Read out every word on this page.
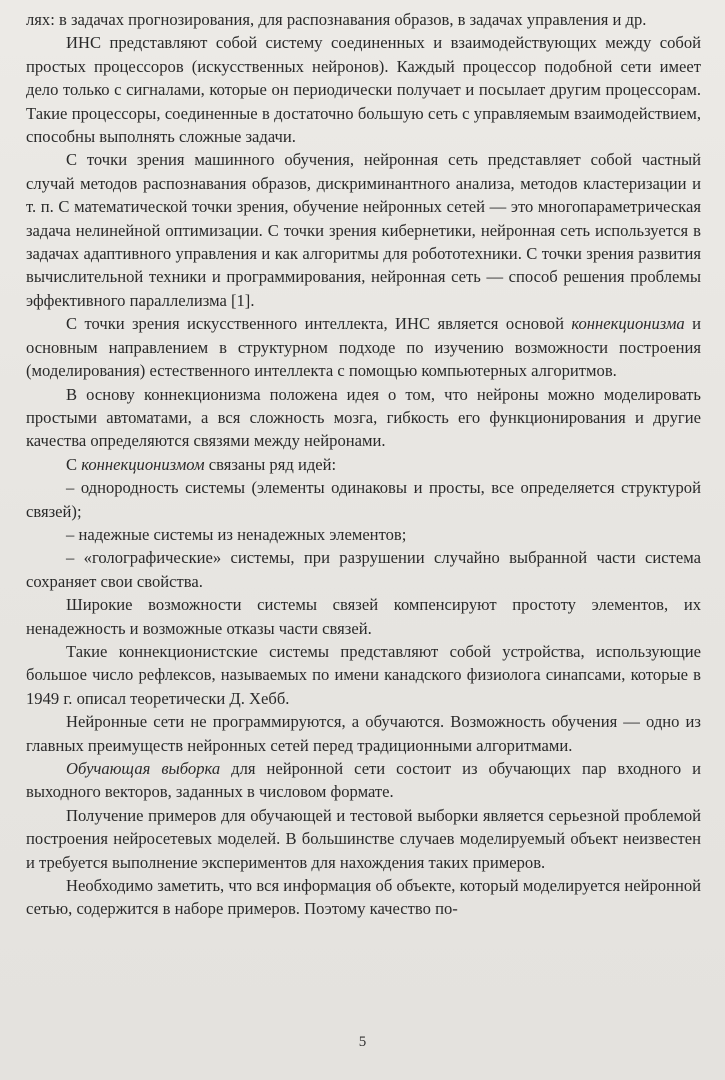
лях: в задачах прогнозирования, для распознавания образов, в задачах управления и др.

ИНС представляют собой систему соединенных и взаимодействующих между собой простых процессоров (искусственных нейронов). Каждый процессор подобной сети имеет дело только с сигналами, которые он периодически получает и посылает другим процессорам. Такие процессоры, соединенные в достаточно большую сеть с управляемым взаимодействием, способны выполнять сложные задачи.

С точки зрения машинного обучения, нейронная сеть представляет собой частный случай методов распознавания образов, дискриминантного анализа, методов кластеризации и т. п. С математической точки зрения, обучение нейронных сетей — это многопараметрическая задача нелинейной оптимизации. С точки зрения кибернетики, нейронная сеть используется в задачах адаптивного управления и как алгоритмы для робототехники. С точки зрения развития вычислительной техники и программирования, нейронная сеть — способ решения проблемы эффективного параллелизма [1].

С точки зрения искусственного интеллекта, ИНС является основой коннекционизма и основным направлением в структурном подходе по изучению возможности построения (моделирования) естественного интеллекта с помощью компьютерных алгоритмов.

В основу коннекционизма положена идея о том, что нейроны можно моделировать простыми автоматами, а вся сложность мозга, гибкость его функционирования и другие качества определяются связями между нейронами.

С коннекционизмом связаны ряд идей:

– однородность системы (элементы одинаковы и просты, все определяется структурой связей);

– надежные системы из ненадежных элементов;

– «голографические» системы, при разрушении случайно выбранной части система сохраняет свои свойства.

Широкие возможности системы связей компенсируют простоту элементов, их ненадежность и возможные отказы части связей.

Такие коннекционистские системы представляют собой устройства, использующие большое число рефлексов, называемых по имени канадского физиолога синапсами, которые в 1949 г. описал теоретически Д. Хебб.

Нейронные сети не программируются, а обучаются. Возможность обучения — одно из главных преимуществ нейронных сетей перед традиционными алгоритмами.

Обучающая выборка для нейронной сети состоит из обучающих пар входного и выходного векторов, заданных в числовом формате.

Получение примеров для обучающей и тестовой выборки является серьезной проблемой построения нейросетевых моделей. В большинстве случаев моделируемый объект неизвестен и требуется выполнение экспериментов для нахождения таких примеров.

Необходимо заметить, что вся информация об объекте, который моделируется нейронной сетью, содержится в наборе примеров. Поэтому качество по-

5
